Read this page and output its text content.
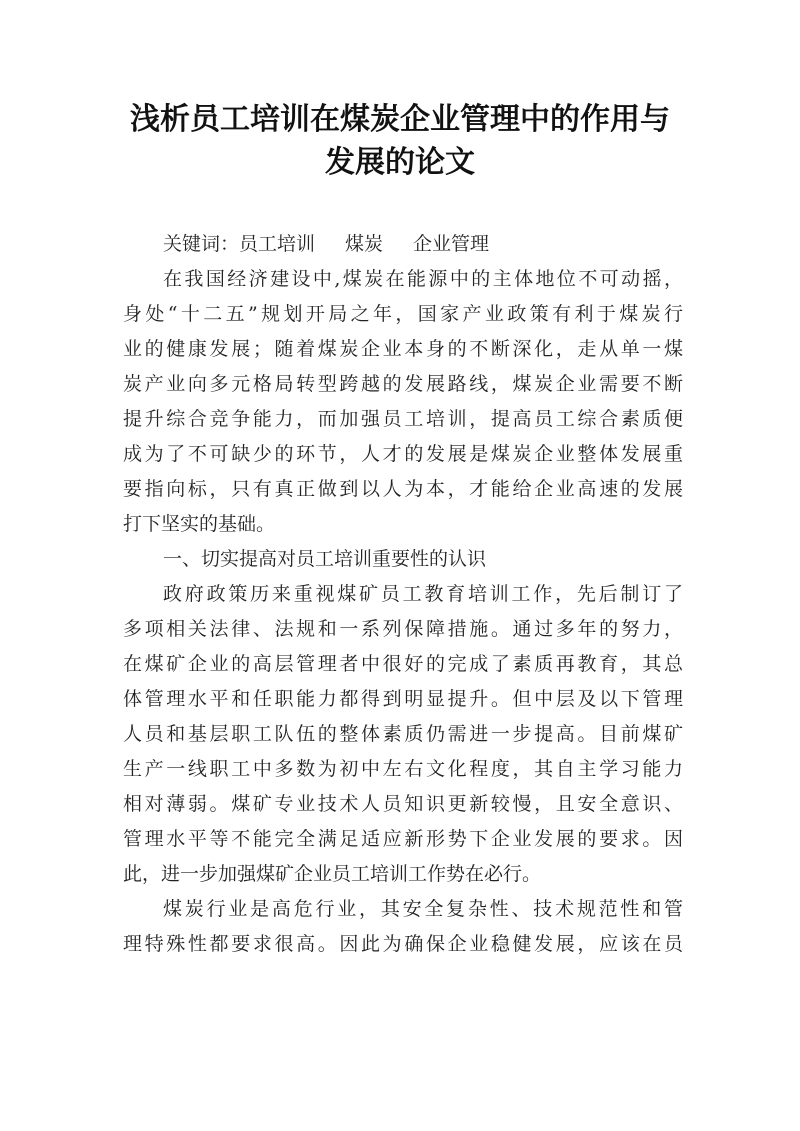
浅析员工培训在煤炭企业管理中的作用与
发展的论文
关键词：员工培训 煤炭 企业管理
在我国经济建设中,煤炭在能源中的主体地位不可动摇，
身处“十二五”规划开局之年，国家产业政策有利于煤炭行
业的健康发展；随着煤炭企业本身的不断深化，走从单一煤
炭产业向多元格局转型跨越的发展路线，煤炭企业需要不断
提升综合竞争能力，而加强员工培训，提高员工综合素质便
成为了不可缺少的环节，人才的发展是煤炭企业整体发展重
要指向标，只有真正做到以人为本，才能给企业高速的发展
打下坚实的基础。
一、切实提高对员工培训重要性的认识
政府政策历来重视煤矿员工教育培训工作，先后制订了
多项相关法律、法规和一系列保障措施。通过多年的努力，
在煤矿企业的高层管理者中很好的完成了素质再教育，其总
体管理水平和任职能力都得到明显提升。但中层及以下管理
人员和基层职工队伍的整体素质仍需进一步提高。目前煤矿
生产一线职工中多数为初中左右文化程度，其自主学习能力
相对薄弱。煤矿专业技术人员知识更新较慢，且安全意识、
管理水平等不能完全满足适应新形势下企业发展的要求。因
此，进一步加强煤矿企业员工培训工作势在必行。
煤炭行业是高危行业，其安全复杂性、技术规范性和管
理特殊性都要求很高。因此为确保企业稳健发展，应该在员
